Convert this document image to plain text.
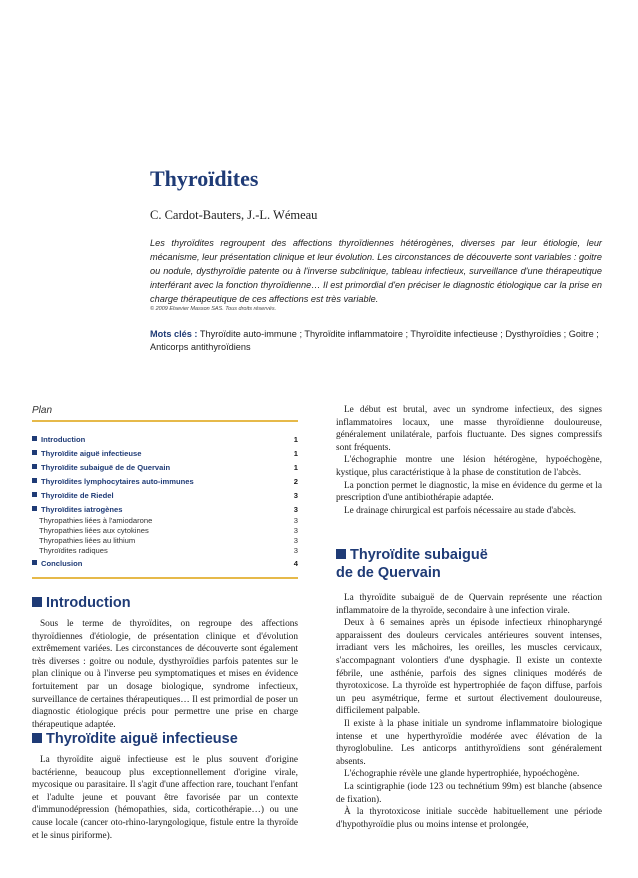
Thyroïdites
C. Cardot-Bauters, J.-L. Wémeau

Les thyroïdites regroupent des affections thyroïdiennes hétérogènes, diverses par leur étiologie, leur mécanisme, leur présentation clinique et leur évolution. Les circonstances de découverte sont variables : goitre ou nodule, dysthyroïdie patente ou à l'inverse subclinique, tableau infectieux, surveillance d'une thérapeutique interférant avec la fonction thyroïdienne… Il est primordial d'en préciser le diagnostic étiologique car la prise en charge thérapeutique de ces affections est très variable.

© 2009 Elsevier Masson SAS. Tous droits réservés.
Mots clés : Thyroïdite auto-immune ; Thyroïdite inflammatoire ; Thyroïdite infectieuse ; Dysthyroïdies ; Goitre ; Anticorps antithyroïdiens
Plan
Introduction	1
Thyroïdite aiguë infectieuse	1
Thyroïdite subaiguë de de Quervain	1
Thyroïdites lymphocytaires auto-immunes	2
Thyroïdite de Riedel	3
Thyroïdites iatrogènes	3
Thyropathies liées à l'amiodarone	3
Thyropathies liées aux cytokines	3
Thyropathies liées au lithium	3
Thyroïdites radiques	3
Conclusion	4
Introduction

Sous le terme de thyroïdites, on regroupe des affections thyroïdiennes d'étiologie, de présentation clinique et d'évolution extrêmement variées. Les circonstances de découverte sont également très diverses : goitre ou nodule, dysthyroïdies parfois patentes sur le plan clinique ou à l'inverse peu symptomatiques et mises en évidence fortuitement par un dosage biologique, syndrome infectieux, surveillance de certaines thérapeutiques… Il est primordial de poser un diagnostic étiologique précis pour permettre une prise en charge thérapeutique adaptée.

Thyroïdite aiguë infectieuse

La thyroïdite aiguë infectieuse est le plus souvent d'origine bactérienne, beaucoup plus exceptionnellement d'origine virale, mycosique ou parasitaire. Il s'agit d'une affection rare, touchant l'enfant et l'adulte jeune et pouvant être favorisée par un contexte d'immunodépression (hémopathies, sida, corticothérapie…) ou une cause locale (cancer oto-rhino-laryngologique, fistule entre la thyroïde et le sinus piriforme).

Le début est brutal, avec un syndrome infectieux, des signes inflammatoires locaux, une masse thyroïdienne douloureuse, généralement unilatérale, parfois fluctuante. Des signes compressifs sont fréquents.

L'échographie montre une lésion hétérogène, hypoéchogène, kystique, plus caractéristique à la phase de constitution de l'abcès.

La ponction permet le diagnostic, la mise en évidence du germe et la prescription d'une antibiothérapie adaptée.

Le drainage chirurgical est parfois nécessaire au stade d'abcès.

Thyroïdite subaiguë
de de Quervain

La thyroïdite subaiguë de de Quervain représente une réaction inflammatoire de la thyroïde, secondaire à une infection virale.

Deux à 6 semaines après un épisode infectieux rhinopharyngé apparaissent des douleurs cervicales antérieures souvent intenses, irradiant vers les mâchoires, les oreilles, les muscles cervicaux, s'accompagnant volontiers d'une dysphagie. Il existe un contexte fébrile, une asthénie, parfois des signes cliniques modérés de thyrotoxicose. La thyroïde est hypertrophiée de façon diffuse, parfois un peu asymétrique, ferme et surtout électivement douloureuse, difficilement palpable.

Il existe à la phase initiale un syndrome inflammatoire biologique intense et une hyperthyroïdie modérée avec élévation de la thyroglobuline. Les anticorps antithyroïdiens sont généralement absents.

L'échographie révèle une glande hypertrophiée, hypoéchogène.

La scintigraphie (iode 123 ou technétium 99m) est blanche (absence de fixation).

À la thyrotoxicose initiale succède habituellement une période d'hypothyroïdie plus ou moins intense et prolongée,
